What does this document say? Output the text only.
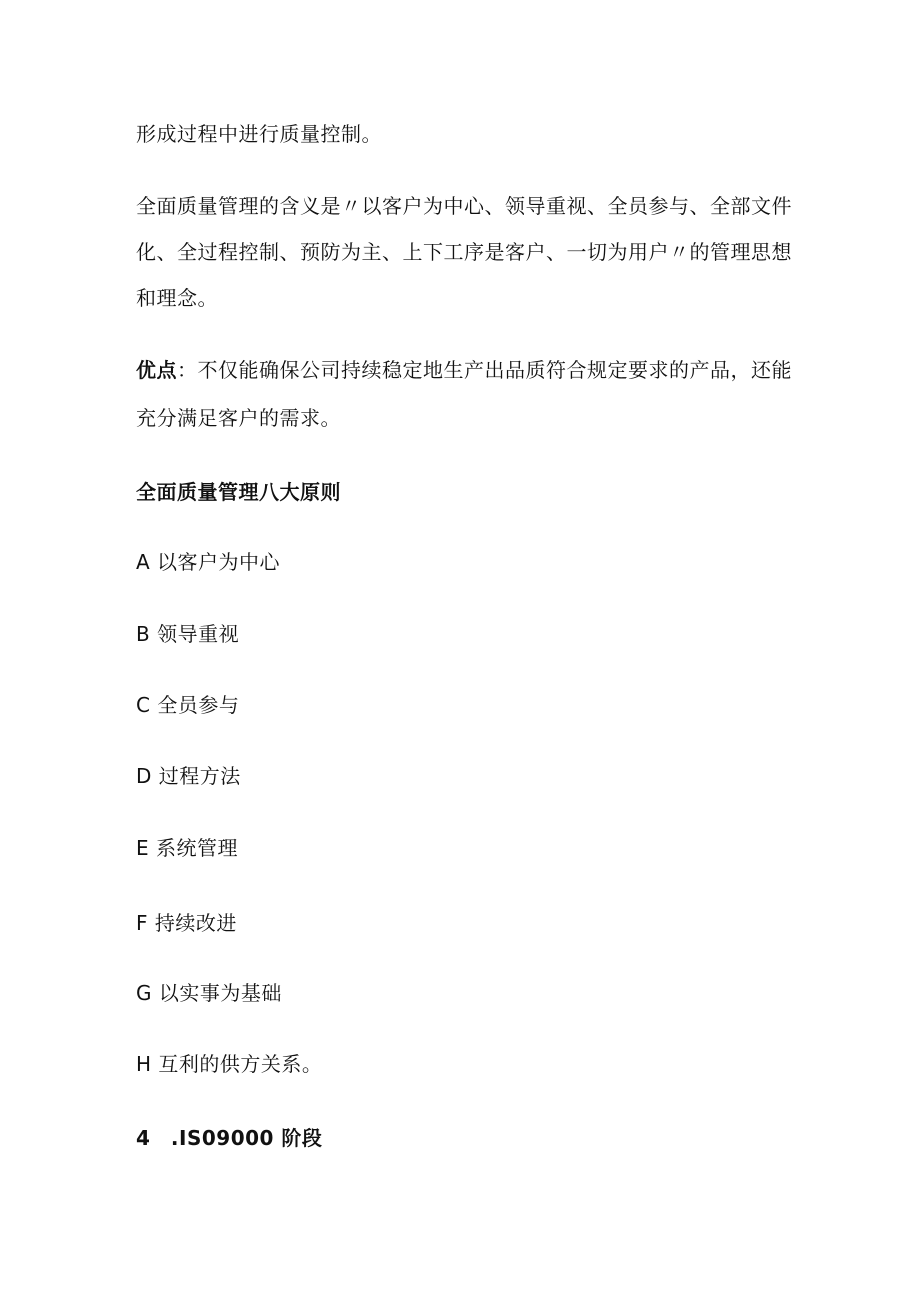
形成过程中进行质量控制。

全面质量管理的含义是〃以客户为中心、领导重视、全员参与、全部文件

化、全过程控制、预防为主、上下工序是客户、一切为用户〃的管理思想

和理念。

优点：不仅能确保公司持续稳定地生产出品质符合规定要求的产品，还能

充分满足客户的需求。

全面质量管理八大原则

A 以客户为中心

B 领导重视

C 全员参与

D 过程方法

E 系统管理

F 持续改进

G 以实事为基础

H 互利的供方关系。

4　.IS09000 阶段
